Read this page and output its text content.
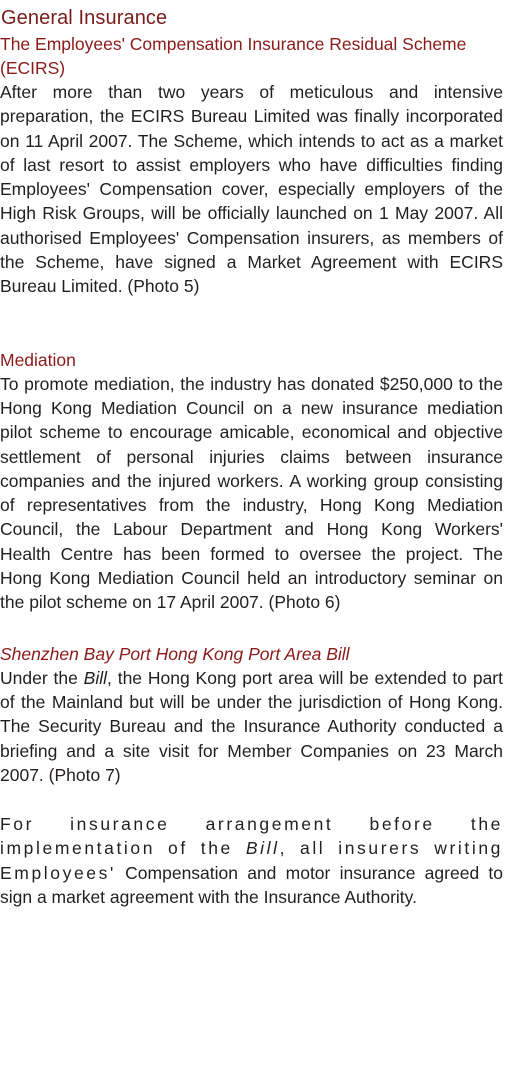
General Insurance
The Employees' Compensation Insurance Residual Scheme (ECIRS)

After more than two years of meticulous and intensive preparation, the ECIRS Bureau Limited was finally incorporated on 11 April 2007. The Scheme, which intends to act as a market of last resort to assist employers who have difficulties finding Employees' Compensation cover, especially employers of the High Risk Groups, will be officially launched on 1 May 2007. All authorised Employees' Compensation insurers, as members of the Scheme, have signed a Market Agreement with ECIRS Bureau Limited. (Photo 5)

Mediation

To promote mediation, the industry has donated $250,000 to the Hong Kong Mediation Council on a new insurance mediation pilot scheme to encourage amicable, economical and objective settlement of personal injuries claims between insurance companies and the injured workers. A working group consisting of representatives from the industry, Hong Kong Mediation Council, the Labour Department and Hong Kong Workers' Health Centre has been formed to oversee the project. The Hong Kong Mediation Council held an introductory seminar on the pilot scheme on 17 April 2007. (Photo 6)

Shenzhen Bay Port Hong Kong Port Area Bill

Under the Bill, the Hong Kong port area will be extended to part of the Mainland but will be under the jurisdiction of Hong Kong. The Security Bureau and the Insurance Authority conducted a briefing and a site visit for Member Companies on 23 March 2007. (Photo 7)

For insurance arrangement before the implementation of the Bill, all insurers writing Employees' Compensation and motor insurance agreed to sign a market agreement with the Insurance Authority.
